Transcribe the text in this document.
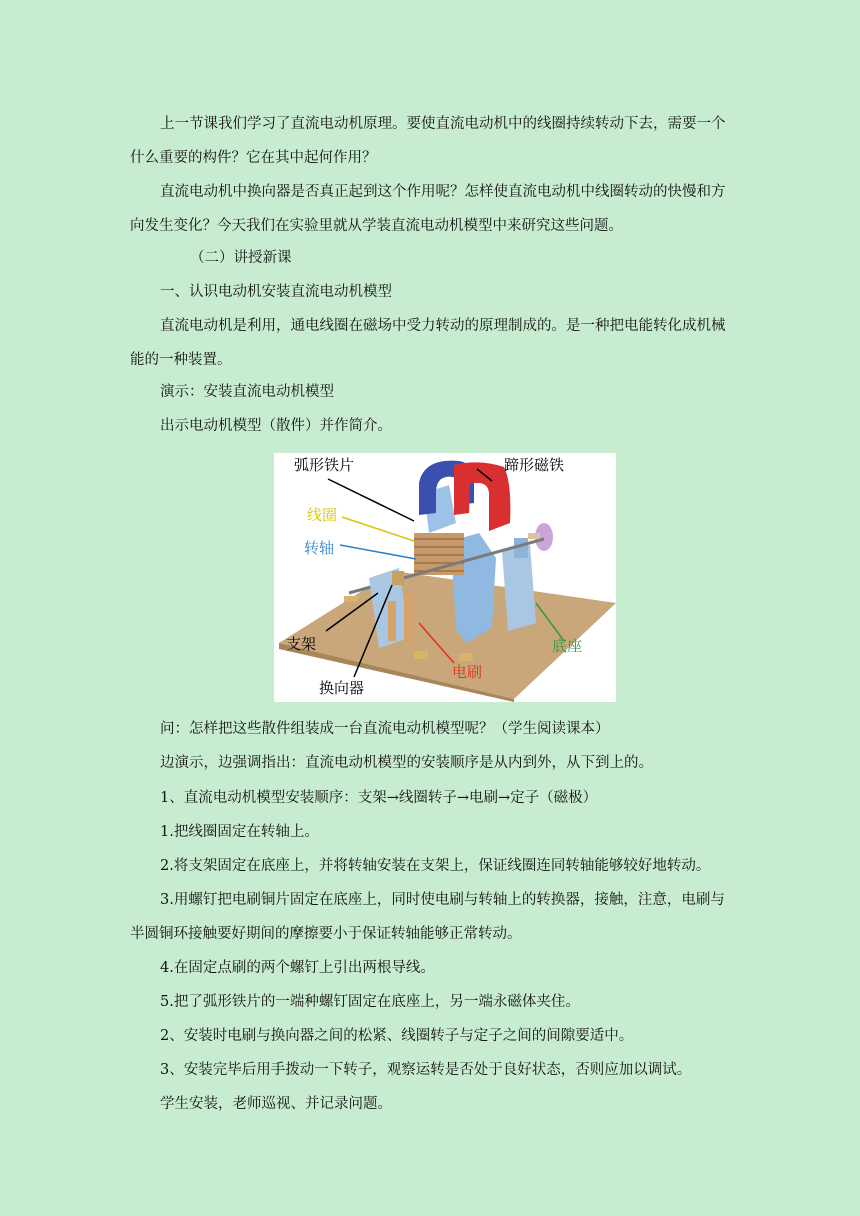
上一节课我们学习了直流电动机原理。要使直流电动机中的线圈持续转动下去，需要一个什么重要的构件？它在其中起何作用？
直流电动机中换向器是否真正起到这个作用呢？怎样使直流电动机中线圈转动的快慢和方向发生变化？今天我们在实验里就从学装直流电动机模型中来研究这些问题。
（二）讲授新课
一、认识电动机安装直流电动机模型
直流电动机是利用，通电线圈在磁场中受力转动的原理制成的。是一种把电能转化成机械能的一种装置。
演示：安装直流电动机模型
出示电动机模型（散件）并作简介。
弧形铁片	蹄形磁铁
线圈
转轴
支架	底座
电刷
换向器
问：怎样把这些散件组装成一台直流电动机模型呢？（学生阅读课本）
边演示，边强调指出：直流电动机模型的安装顺序是从内到外，从下到上的。
1、直流电动机模型安装顺序：支架→线圈转子→电刷→定子（磁极）
1.把线圈固定在转轴上。
2.将支架固定在底座上，并将转轴安装在支架上，保证线圈连同转轴能够较好地转动。
3.用螺钉把电刷铜片固定在底座上，同时使电刷与转轴上的转换器，接触，注意，电刷与半圆铜环接触要好期间的摩擦要小于保证转轴能够正常转动。
4.在固定点刷的两个螺钉上引出两根导线。
5.把了弧形铁片的一端种螺钉固定在底座上，另一端永磁体夹住。
2、安装时电刷与换向器之间的松紧、线圈转子与定子之间的间隙要适中。
3、安装完毕后用手拨动一下转子，观察运转是否处于良好状态，否则应加以调试。
学生安装，老师巡视、并记录问题。
